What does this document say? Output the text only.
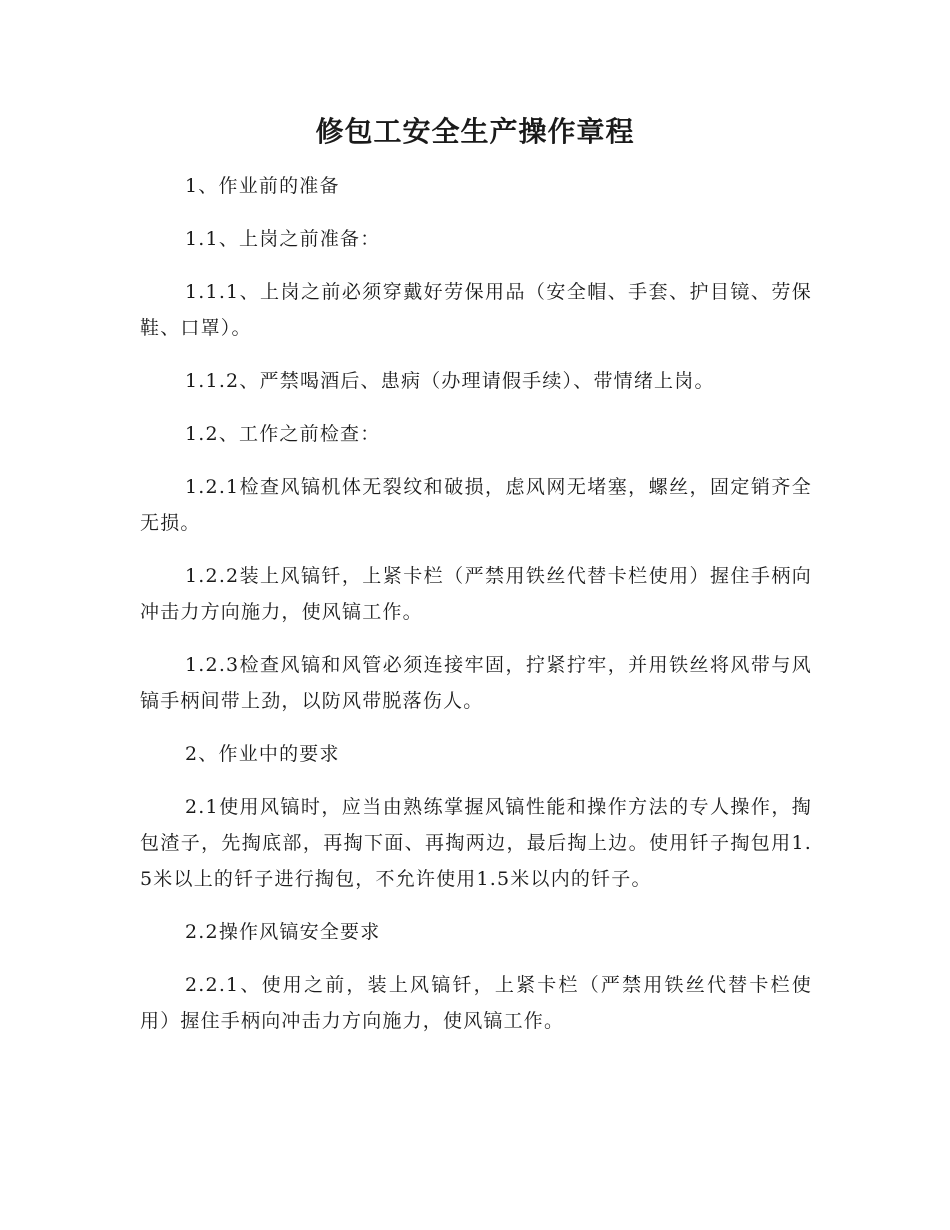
修包工安全生产操作章程

1、作业前的准备

1.1、上岗之前准备：

1.1.1、上岗之前必须穿戴好劳保用品（安全帽、手套、护目镜、劳保鞋、口罩）。

1.1.2、严禁喝酒后、患病（办理请假手续）、带情绪上岗。

1.2、工作之前检查：

1.2.1检查风镐机体无裂纹和破损，虑风网无堵塞，螺丝，固定销齐全无损。

1.2.2装上风镐钎，上紧卡栏（严禁用铁丝代替卡栏使用）握住手柄向冲击力方向施力，使风镐工作。

1.2.3检查风镐和风管必须连接牢固，拧紧拧牢，并用铁丝将风带与风镐手柄间带上劲，以防风带脱落伤人。

2、作业中的要求

2.1使用风镐时，应当由熟练掌握风镐性能和操作方法的专人操作，掏包渣子，先掏底部，再掏下面、再掏两边，最后掏上边。使用钎子掏包用1.5米以上的钎子进行掏包，不允许使用1.5米以内的钎子。

2.2操作风镐安全要求

2.2.1、使用之前，装上风镐钎，上紧卡栏（严禁用铁丝代替卡栏使用）握住手柄向冲击力方向施力，使风镐工作。
